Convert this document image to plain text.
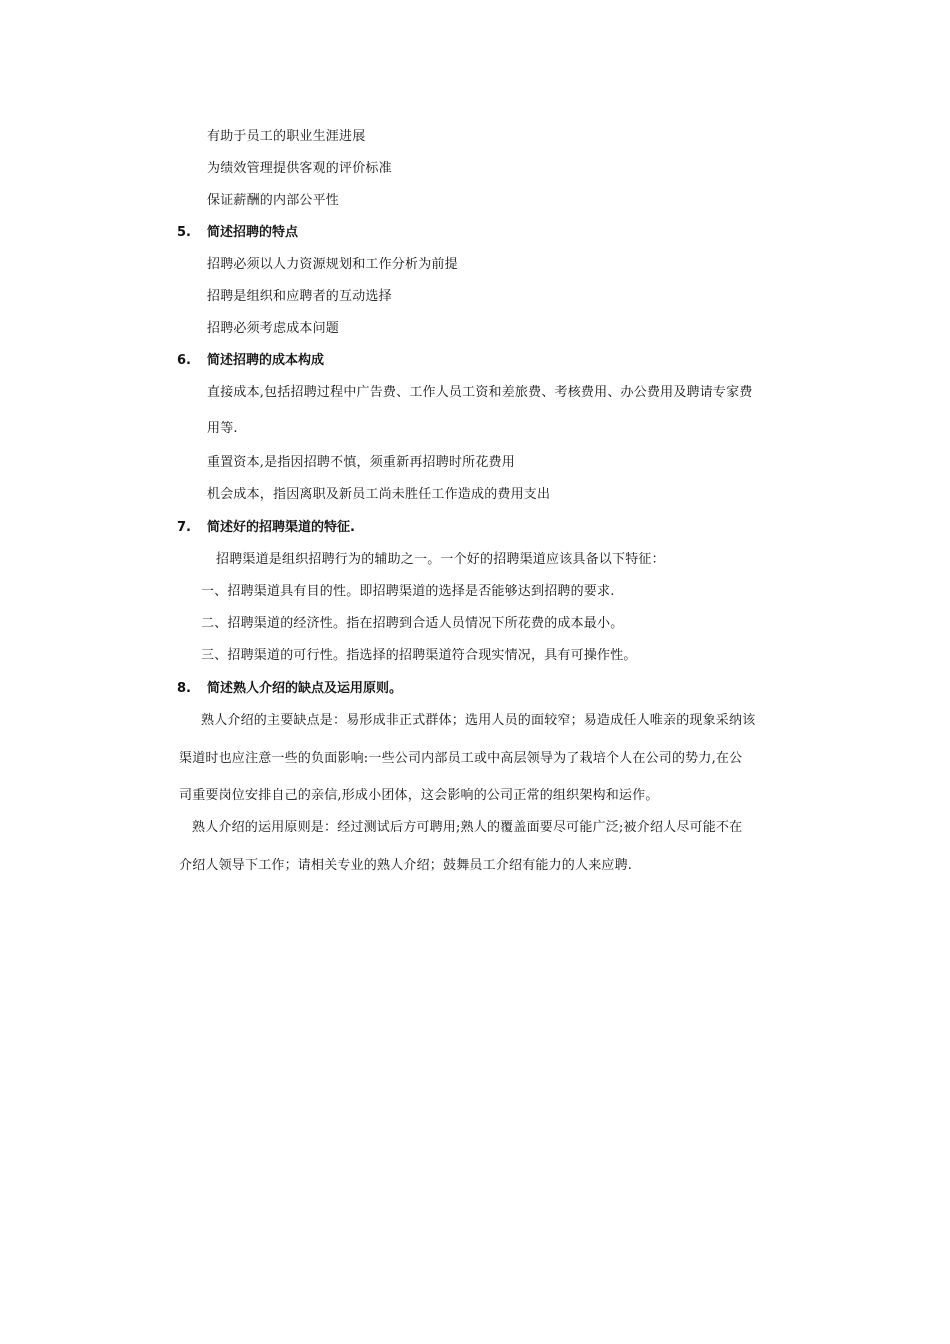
有助于员工的职业生涯进展
为绩效管理提供客观的评价标准
保证薪酬的内部公平性
5. 简述招聘的特点
招聘必须以人力资源规划和工作分析为前提
招聘是组织和应聘者的互动选择
招聘必须考虑成本问题
6. 简述招聘的成本构成
直接成本,包括招聘过程中广告费、工作人员工资和差旅费、考核费用、办公费用及聘请专家费
用等.
重置资本,是指因招聘不慎，须重新再招聘时所花费用
机会成本，指因离职及新员工尚未胜任工作造成的费用支出
7. 简述好的招聘渠道的特征.
招聘渠道是组织招聘行为的辅助之一。一个好的招聘渠道应该具备以下特征：
一、招聘渠道具有目的性。即招聘渠道的选择是否能够达到招聘的要求.
二、招聘渠道的经济性。指在招聘到合适人员情况下所花费的成本最小。
三、招聘渠道的可行性。指选择的招聘渠道符合现实情况，具有可操作性。
8. 简述熟人介绍的缺点及运用原则。
熟人介绍的主要缺点是：易形成非正式群体；选用人员的面较窄；易造成任人唯亲的现象采纳该
渠道时也应注意一些的负面影响:一些公司内部员工或中高层领导为了栽培个人在公司的势力,在公
司重要岗位安排自己的亲信,形成小团体，这会影响的公司正常的组织架构和运作。
熟人介绍的运用原则是：经过测试后方可聘用;熟人的覆盖面要尽可能广泛;被介绍人尽可能不在
介绍人领导下工作；请相关专业的熟人介绍；鼓舞员工介绍有能力的人来应聘.
